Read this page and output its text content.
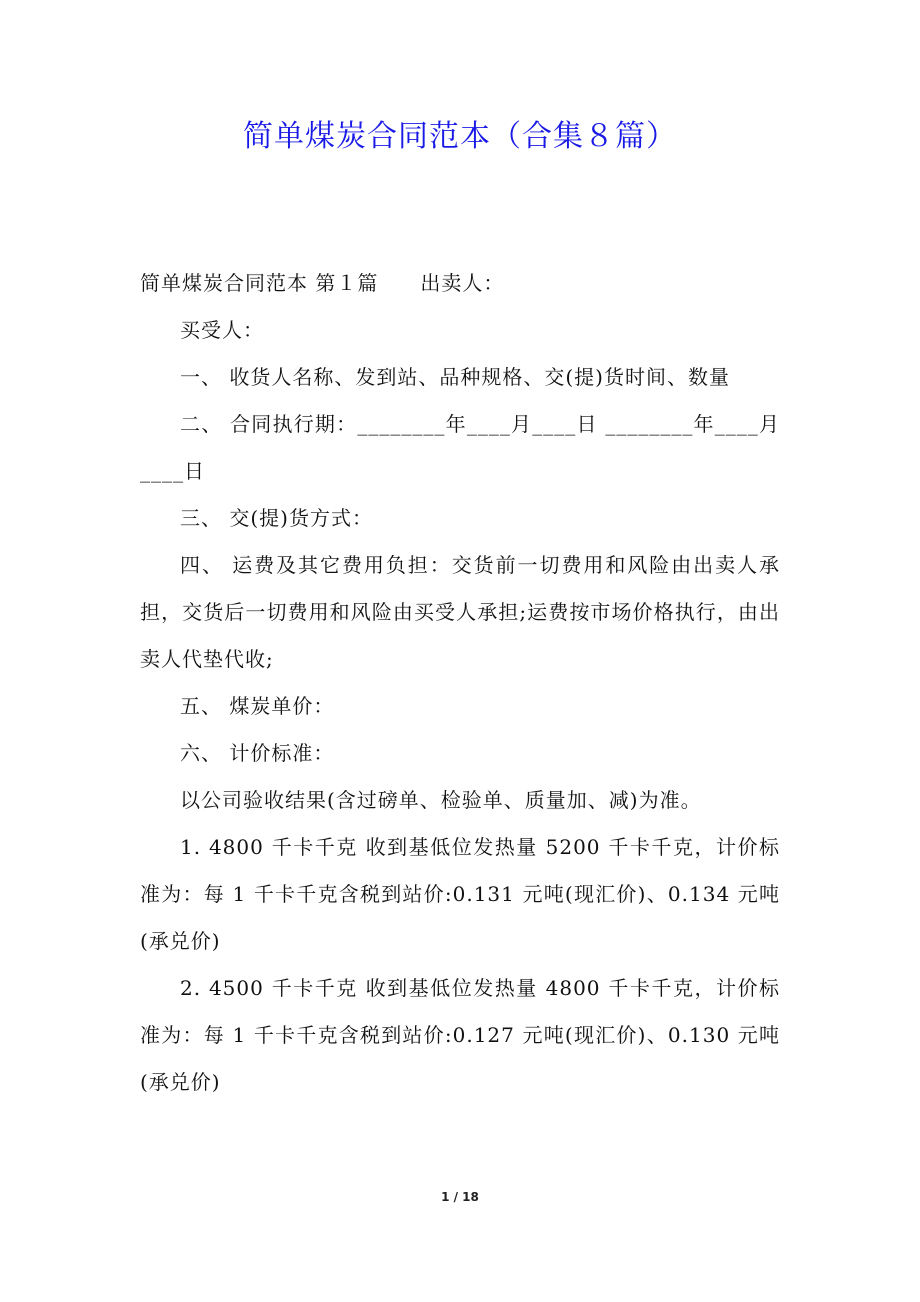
简单煤炭合同范本（合集８篇）

简单煤炭合同范本 第１篇　　出卖人：

买受人：

一、 收货人名称、发到站、品种规格、交(提)货时间、数量

二、 合同执行期：________年____月____日 ________年____月____日

三、 交(提)货方式：

四、 运费及其它费用负担：交货前一切费用和风险由出卖人承担，交货后一切费用和风险由买受人承担;运费按市场价格执行，由出卖人代垫代收;

五、 煤炭单价：

六、 计价标准：

以公司验收结果(含过磅单、检验单、质量加、减)为准。

1. 4800 千卡千克 收到基低位发热量 5200 千卡千克，计价标准为：每 1 千卡千克含税到站价:0.131 元吨(现汇价)、0.134 元吨(承兑价)

2. 4500 千卡千克 收到基低位发热量 4800 千卡千克，计价标准为：每 1 千卡千克含税到站价:0.127 元吨(现汇价)、0.130 元吨(承兑价)

1 / 18
